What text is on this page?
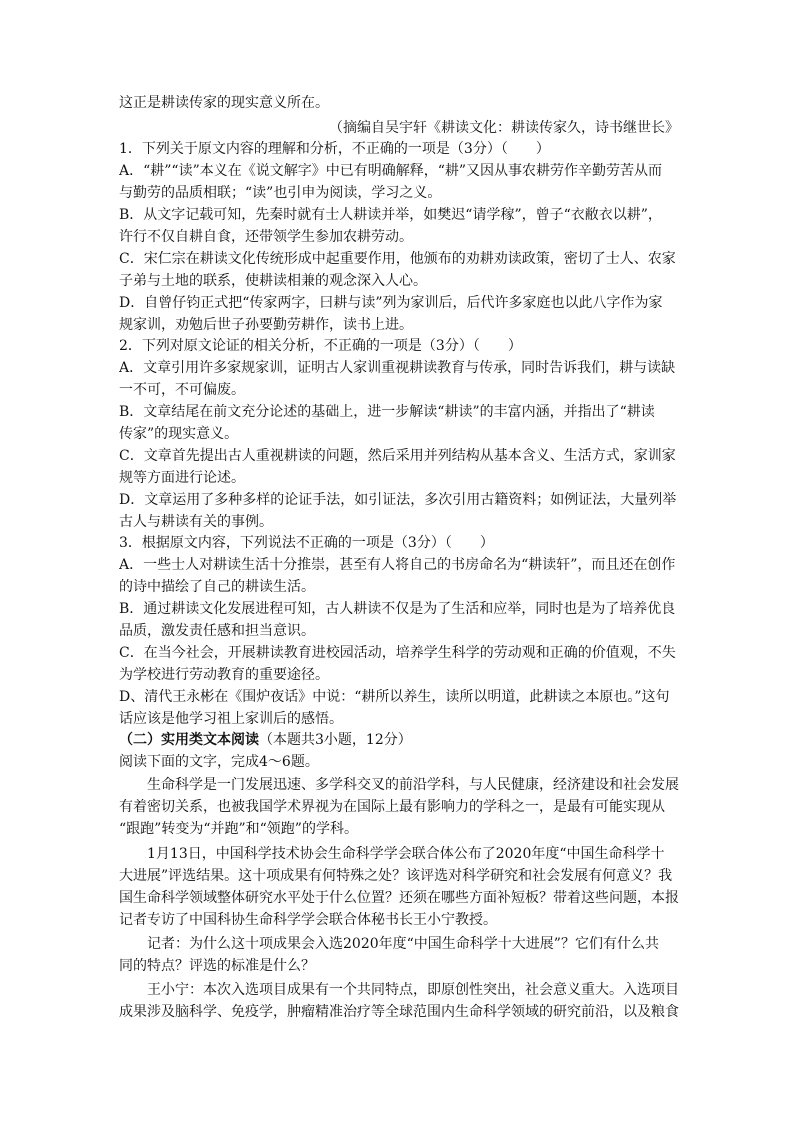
这正是耕读传家的现实意义所在。
（摘编自吴宇轩《耕读文化：耕读传家久，诗书继世长》
1．下列关于原文内容的理解和分析，不正确的一项是（3分）（　　）
A．“耕”“读”本义在《说文解字》中已有明确解释，“耕”又因从事农耕劳作辛勤劳苦从而
与勤劳的品质相联；“读”也引申为阅读，学习之义。
B．从文字记载可知，先秦时就有士人耕读并举，如樊迟“请学稼”，曾子“衣敝衣以耕”，
许行不仅自耕自食，还带领学生参加农耕劳动。
C．宋仁宗在耕读文化传统形成中起重要作用，他颁布的劝耕劝读政策，密切了士人、农家
子弟与土地的联系，使耕读相兼的观念深入人心。
D．自曾仔钧正式把“传家两字，曰耕与读”列为家训后，后代许多家庭也以此八字作为家
规家训，劝勉后世子孙要勤劳耕作，读书上进。
2．下列对原文论证的相关分析，不正确的一项是（3分）（　　）
A．文章引用许多家规家训，证明古人家训重视耕读教育与传承，同时告诉我们，耕与读缺
一不可，不可偏废。
B．文章结尾在前文充分论述的基础上，进一步解读“耕读”的丰富内涵，并指出了“耕读
传家”的现实意义。
C．文章首先提出古人重视耕读的问题，然后采用并列结构从基本含义、生活方式，家训家
规等方面进行论述。
D．文章运用了多种多样的论证手法，如引证法，多次引用古籍资料；如例证法，大量列举
古人与耕读有关的事例。
3．根据原文内容，下列说法不正确的一项是（3分）（　　）
A．一些士人对耕读生活十分推崇，甚至有人将自己的书房命名为“耕读轩”，而且还在创作
的诗中描绘了自己的耕读生活。
B．通过耕读文化发展进程可知，古人耕读不仅是为了生活和应举，同时也是为了培养优良
品质，激发责任感和担当意识。
C．在当今社会，开展耕读教育进校园活动，培养学生科学的劳动观和正确的价值观，不失
为学校进行劳动教育的重要途径。
D、清代王永彬在《围炉夜话》中说：“耕所以养生，读所以明道，此耕读之本原也。”这句
话应该是他学习祖上家训后的感悟。
（二）实用类文本阅读（本题共3小题，12分）
阅读下面的文字，完成4～6题。
生命科学是一门发展迅速、多学科交叉的前沿学科，与人民健康，经济建设和社会发展
有着密切关系，也被我国学术界视为在国际上最有影响力的学科之一，是最有可能实现从
“跟跑”转变为“并跑”和“领跑”的学科。
1月13日，中国科学技术协会生命科学学会联合体公布了2020年度“中国生命科学十
大进展”评选结果。这十项成果有何特殊之处？该评选对科学研究和社会发展有何意义？我
国生命科学领域整体研究水平处于什么位置？还须在哪些方面补短板？带着这些问题，本报
记者专访了中国科协生命科学学会联合体秘书长王小宁教授。
记者：为什么这十项成果会入选2020年度“中国生命科学十大进展”？它们有什么共
同的特点？评选的标准是什么？
王小宁：本次入选项目成果有一个共同特点，即原创性突出，社会意义重大。入选项目
成果涉及脑科学、免疫学，肿瘤精准治疗等全球范围内生命科学领域的研究前沿，以及粮食
